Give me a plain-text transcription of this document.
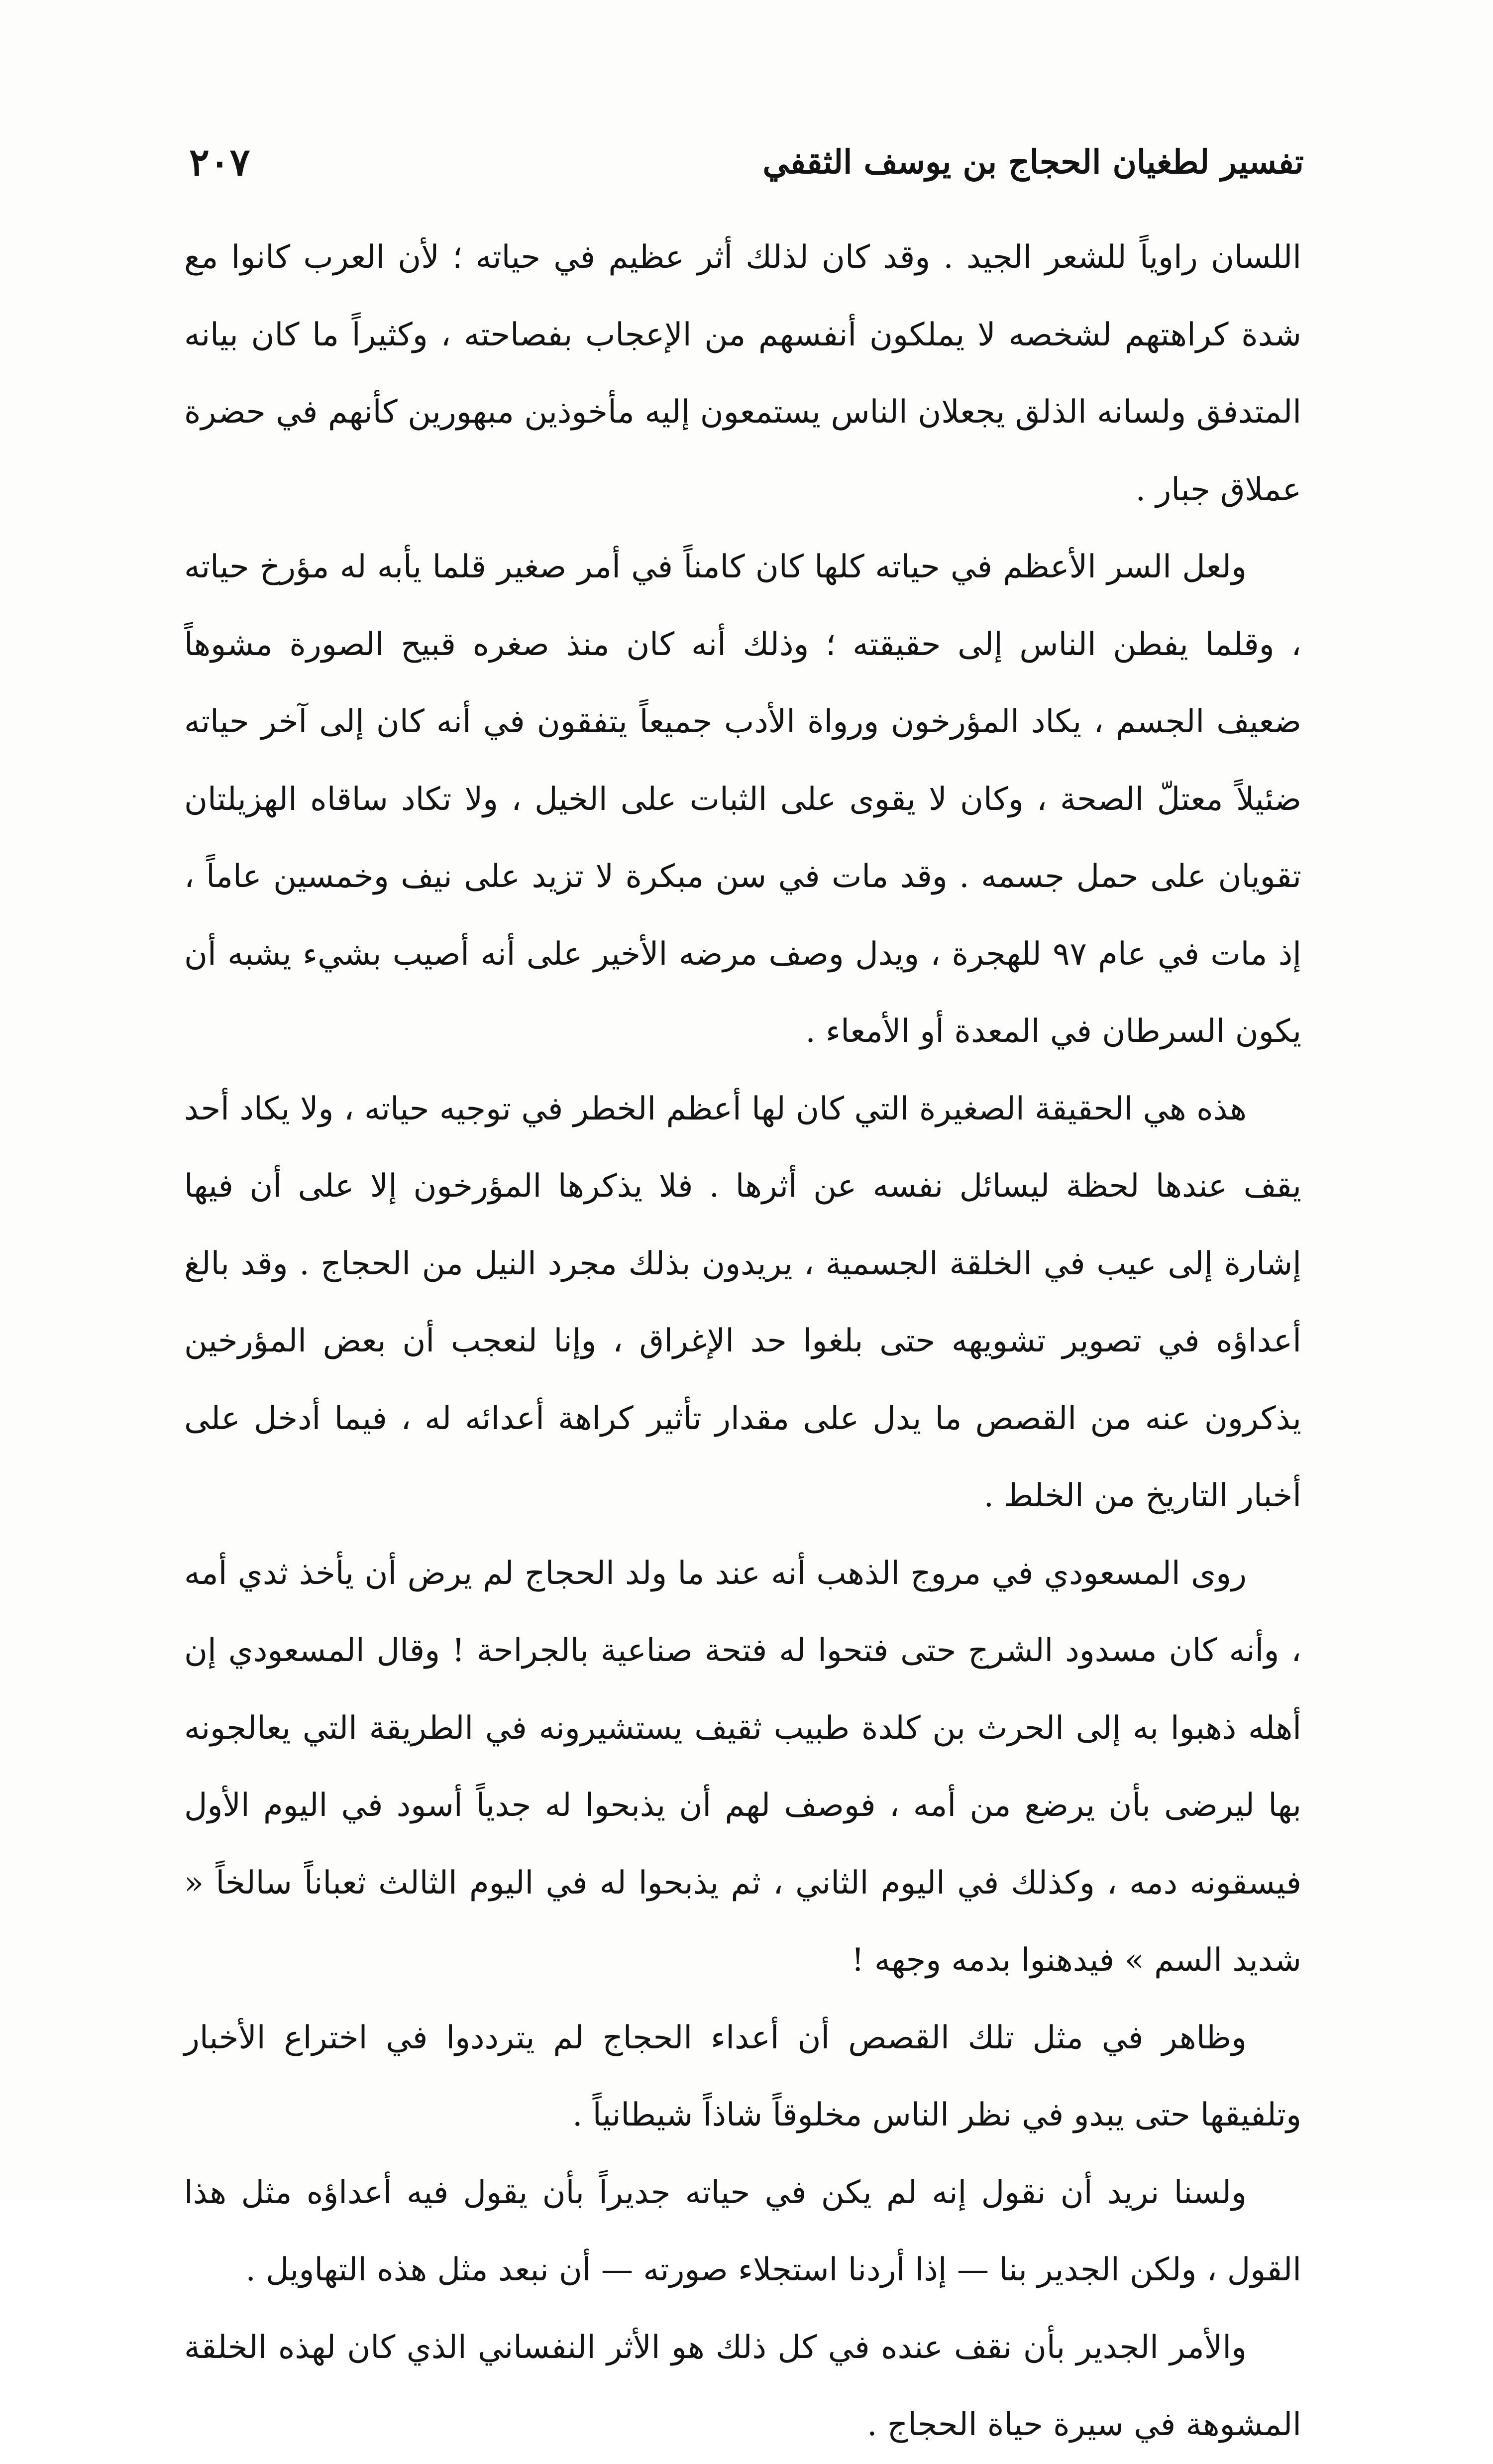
تفسير لطغيان الحجاج بن يوسف الثقفي
٢٠٧

اللسان راوياً للشعر الجيد . وقد كان لذلك أثر عظيم في حياته ؛ لأن العرب كانوا مع شدة كراهتهم لشخصه لا يملكون أنفسهم من الإعجاب بفصاحته ، وكثيراً ما كان بيانه المتدفق ولسانه الذلق يجعلان الناس يستمعون إليه مأخوذين مبهورين كأنهم في حضرة عملاق جبار .

ولعل السر الأعظم في حياته كلها كان كامناً في أمر صغير قلما يأبه له مؤرخ حياته ، وقلما يفطن الناس إلى حقيقته ؛ وذلك أنه كان منذ صغره قبيح الصورة مشوهاً ضعيف الجسم ، يكاد المؤرخون ورواة الأدب جميعاً يتفقون في أنه كان إلى آخر حياته ضئيلاً معتلّ الصحة ، وكان لا يقوى على الثبات على الخيل ، ولا تكاد ساقاه الهزيلتان تقويان على حمل جسمه . وقد مات في سن مبكرة لا تزيد على نيف وخمسين عاماً ، إذ مات في عام ٩٧ للهجرة ، ويدل وصف مرضه الأخير على أنه أصيب بشيء يشبه أن يكون السرطان في المعدة أو الأمعاء .

هذه هي الحقيقة الصغيرة التي كان لها أعظم الخطر في توجيه حياته ، ولا يكاد أحد يقف عندها لحظة ليسائل نفسه عن أثرها . فلا يذكرها المؤرخون إلا على أن فيها إشارة إلى عيب في الخلقة الجسمية ، يريدون بذلك مجرد النيل من الحجاج . وقد بالغ أعداؤه في تصوير تشويهه حتى بلغوا حد الإغراق ، وإنا لنعجب أن بعض المؤرخين يذكرون عنه من القصص ما يدل على مقدار تأثير كراهة أعدائه له ، فيما أدخل على أخبار التاريخ من الخلط .

روى المسعودي في مروج الذهب أنه عند ما ولد الحجاج لم يرض أن يأخذ ثدي أمه ، وأنه كان مسدود الشرج حتى فتحوا له فتحة صناعية بالجراحة ! وقال المسعودي إن أهله ذهبوا به إلى الحرث بن كلدة طبيب ثقيف يستشيرونه في الطريقة التي يعالجونه بها ليرضى بأن يرضع من أمه ، فوصف لهم أن يذبحوا له جدياً أسود في اليوم الأول فيسقونه دمه ، وكذلك في اليوم الثاني ، ثم يذبحوا له في اليوم الثالث ثعباناً سالخاً « شديد السم » فيدهنوا بدمه وجهه !

وظاهر في مثل تلك القصص أن أعداء الحجاج لم يترددوا في اختراع الأخبار وتلفيقها حتى يبدو في نظر الناس مخلوقاً شاذاً شيطانياً .

ولسنا نريد أن نقول إنه لم يكن في حياته جديراً بأن يقول فيه أعداؤه مثل هذا القول ، ولكن الجدير بنا — إذا أردنا استجلاء صورته — أن نبعد مثل هذه التهاويل .

والأمر الجدير بأن نقف عنده في كل ذلك هو الأثر النفساني الذي كان لهذه الخلقة المشوهة في سيرة حياة الحجاج .
